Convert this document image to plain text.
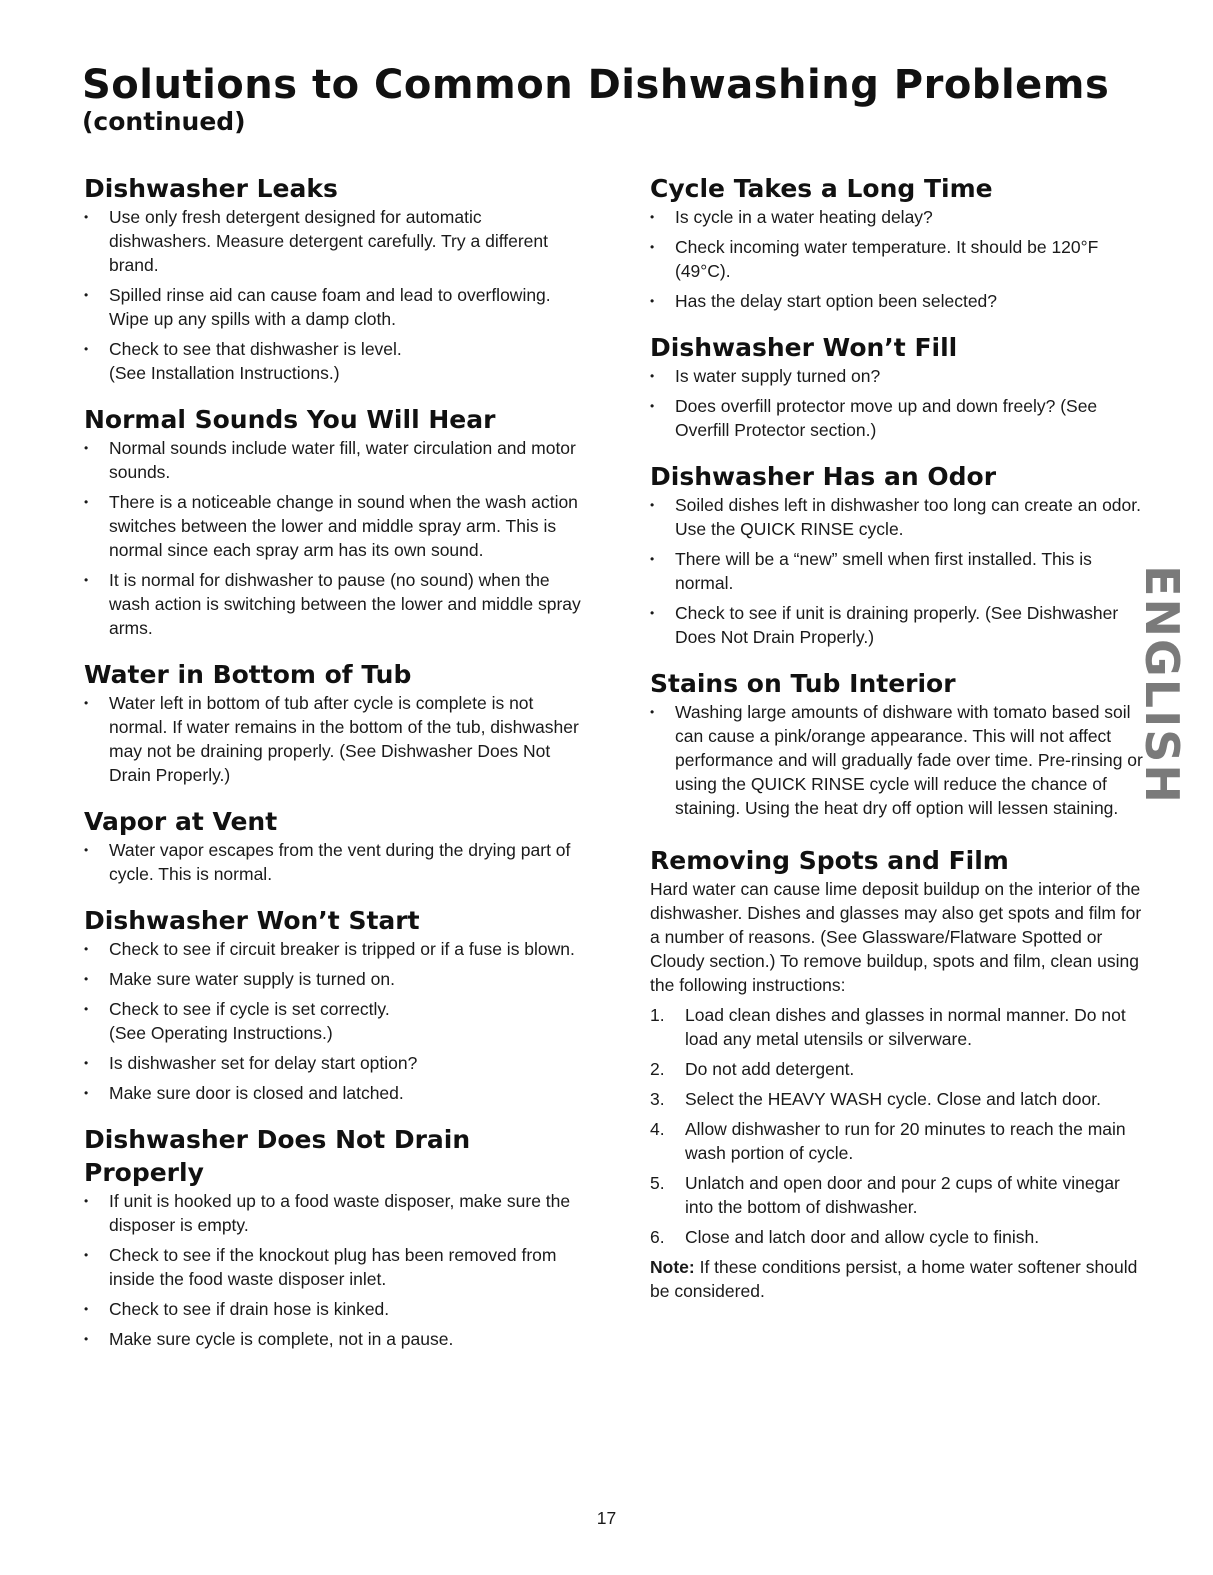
Solutions to Common Dishwashing Problems
(continued)
Dishwasher Leaks
• Use only fresh detergent designed for automatic dishwashers. Measure detergent carefully. Try a different brand.
• Spilled rinse aid can cause foam and lead to overflowing. Wipe up any spills with a damp cloth.
• Check to see that dishwasher is level.
(See Installation Instructions.)
Normal Sounds You Will Hear
• Normal sounds include water fill, water circulation and motor sounds.
• There is a noticeable change in sound when the wash action switches between the lower and middle spray arm. This is normal since each spray arm has its own sound.
• It is normal for dishwasher to pause (no sound) when the wash action is switching between the lower and middle spray arms.
Water in Bottom of Tub
• Water left in bottom of tub after cycle is complete is not normal. If water remains in the bottom of the tub, dishwasher may not be draining properly. (See Dishwasher Does Not Drain Properly.)
Vapor at Vent
• Water vapor escapes from the vent during the drying part of cycle. This is normal.
Dishwasher Won’t Start
• Check to see if circuit breaker is tripped or if a fuse is blown.
• Make sure water supply is turned on.
• Check to see if cycle is set correctly.
(See Operating Instructions.)
• Is dishwasher set for delay start option?
• Make sure door is closed and latched.
Dishwasher Does Not Drain Properly
• If unit is hooked up to a food waste disposer, make sure the disposer is empty.
• Check to see if the knockout plug has been removed from inside the food waste disposer inlet.
• Check to see if drain hose is kinked.
• Make sure cycle is complete, not in a pause.
Cycle Takes a Long Time
• Is cycle in a water heating delay?
• Check incoming water temperature. It should be 120°F (49°C).
• Has the delay start option been selected?
Dishwasher Won’t Fill
• Is water supply turned on?
• Does overfill protector move up and down freely? (See Overfill Protector section.)
Dishwasher Has an Odor
• Soiled dishes left in dishwasher too long can create an odor. Use the QUICK RINSE cycle.
• There will be a “new” smell when first installed. This is normal.
• Check to see if unit is draining properly. (See Dishwasher Does Not Drain Properly.)
Stains on Tub Interior
• Washing large amounts of dishware with tomato based soil can cause a pink/orange appearance. This will not affect performance and will gradually fade over time. Pre-rinsing or using the QUICK RINSE cycle will reduce the chance of staining. Using the heat dry off option will lessen staining.
Removing Spots and Film

Hard water can cause lime deposit buildup on the interior of the dishwasher. Dishes and glasses may also get spots and film for a number of reasons. (See Glassware/Flatware Spotted or Cloudy section.) To remove buildup, spots and film, clean using the following instructions:

1. Load clean dishes and glasses in normal manner. Do not load any metal utensils or silverware.
2. Do not add detergent.
3. Select the HEAVY WASH cycle. Close and latch door.
4. Allow dishwasher to run for 20 minutes to reach the main wash portion of cycle.
5. Unlatch and open door and pour 2 cups of white vinegar into the bottom of dishwasher.
6. Close and latch door and allow cycle to finish.

Note: If these conditions persist, a home water softener should be considered.

ENGLISH
17
